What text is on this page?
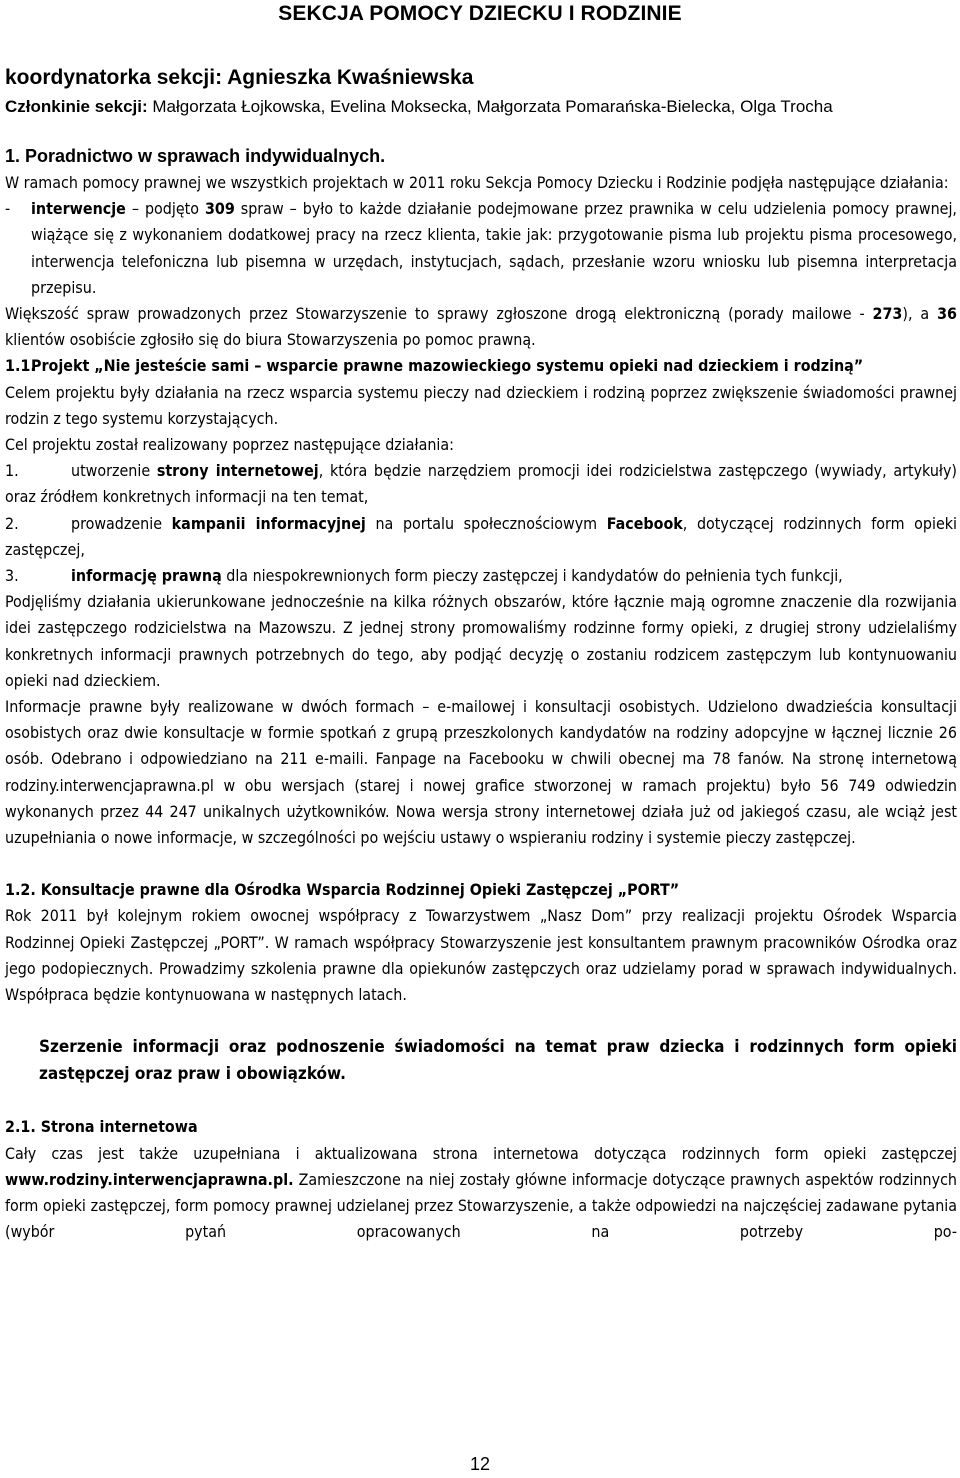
SEKCJA POMOCY DZIECKU I RODZINIE
koordynatorka sekcji: Agnieszka Kwaśniewska
Członkinie sekcji: Małgorzata Łojkowska, Evelina Moksecka, Małgorzata Pomarańska-Bielecka, Olga Trocha
1. Poradnictwo w sprawach indywidualnych.

W ramach pomocy prawnej we wszystkich projektach w 2011 roku Sekcja Pomocy Dziecku i Rodzinie podjęła następujące działania:

- interwencje – podjęto 309 spraw – było to każde działanie podejmowane przez prawnika w celu udzielenia pomocy prawnej, wiążące się z wykonaniem dodatkowej pracy na rzecz klienta, takie jak: przygotowanie pisma lub projektu pisma procesowego, interwencja telefoniczna lub pisemna w urzędach, instytucjach, sądach, przesłanie wzoru wniosku lub pisemna interpretacja przepisu.

Większość spraw prowadzonych przez Stowarzyszenie to sprawy zgłoszone drogą elektroniczną (porady mailowe - 273), a 36 klientów osobiście zgłosiło się do biura Stowarzyszenia po pomoc prawną.

1.1.Projekt „Nie jesteście sami – wsparcie prawne mazowieckiego systemu opieki nad dzieckiem i rodziną”

Celem projektu były działania na rzecz wsparcia systemu pieczy nad dzieckiem i rodziną poprzez zwiększenie świadomości prawnej rodzin z tego systemu korzystających.

Cel projektu został realizowany poprzez następujące działania:

1.	utworzenie strony internetowej, która będzie narzędziem promocji idei rodzicielstwa zastępczego (wywiady, artykuły) oraz źródłem konkretnych informacji na ten temat,

2.	prowadzenie kampanii informacyjnej na portalu społecznościowym Facebook, dotyczącej rodzinnych form opieki zastępczej,

3.	informację prawną dla niespokrewnionych form pieczy zastępczej i kandydatów do pełnienia tych funkcji,

Podjęliśmy działania ukierunkowane jednocześnie na kilka różnych obszarów, które łącznie mają ogromne znaczenie dla rozwijania idei zastępczego rodzicielstwa na Mazowszu. Z jednej strony promowaliśmy rodzinne formy opieki, z drugiej strony udzielaliśmy konkretnych informacji prawnych potrzebnych do tego, aby podjąć decyzję o zostaniu rodzicem zastępczym lub kontynuowaniu opieki nad dzieckiem.

Informacje prawne były realizowane w dwóch formach – e-mailowej i konsultacji osobistych. Udzielono dwadzieścia konsultacji osobistych oraz dwie konsultacje w formie spotkań z grupą przeszkolonych kandydatów na rodziny adopcyjne w łącznej licznie 26 osób. Odebrano i odpowiedziano na 211 e-maili. Fanpage na Facebooku w chwili obecnej ma 78 fanów. Na stronę internetową rodziny.interwencjaprawna.pl w obu wersjach (starej i nowej grafice stworzonej w ramach projektu) było 56 749 odwiedzin wykonanych przez 44 247 unikalnych użytkowników. Nowa wersja strony internetowej działa już od jakiegoś czasu, ale wciąż jest uzupełniania o nowe informacje, w szczególności po wejściu ustawy o wspieraniu rodziny i systemie pieczy zastępczej.

1.2. Konsultacje prawne dla Ośrodka Wsparcia Rodzinnej Opieki Zastępczej „PORT”

Rok 2011 był kolejnym rokiem owocnej współpracy z Towarzystwem „Nasz Dom” przy realizacji projektu Ośrodek Wsparcia Rodzinnej Opieki Zastępczej „PORT”. W ramach współpracy Stowarzyszenie jest konsultantem prawnym pracowników Ośrodka oraz jego podopiecznych. Prowadzimy szkolenia prawne dla opiekunów zastępczych oraz udzielamy porad w sprawach indywidualnych. Współpraca będzie kontynuowana w następnych latach.

Szerzenie informacji oraz podnoszenie świadomości na temat praw dziecka i rodzinnych form opieki zastępczej oraz praw i obowiązków.

2.1. Strona internetowa

Cały czas jest także uzupełniana i aktualizowana strona internetowa dotycząca rodzinnych form opieki zastępczej www.rodziny.interwencjaprawna.pl. Zamieszczone na niej zostały główne informacje dotyczące prawnych aspektów rodzinnych form opieki zastępczej, form pomocy prawnej udzielanej przez Stowarzyszenie, a także odpowiedzi na najczęściej zadawane pytania (wybór pytań opracowanych na potrzeby po-

12
